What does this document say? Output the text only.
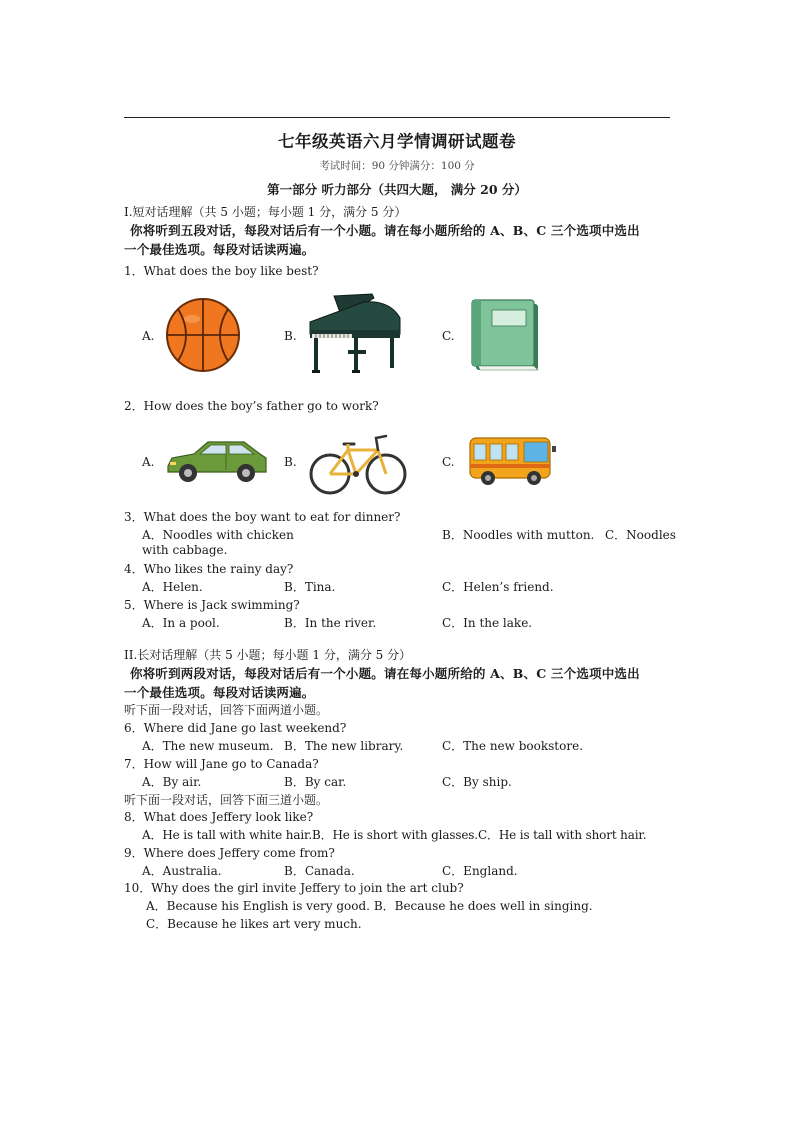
七年级英语六月学情调研试题卷
考试时间：90 分钟满分：100 分
第一部分 听力部分（共四大题， 满分 20 分）
I.短对话理解（共 5 小题；每小题 1 分，满分 5 分）
你将听到五段对话，每段对话后有一个小题。请在每小题所给的 A、B、C 三个选项中选出
一个最佳选项。每段对话读两遍。
1．What does the boy like best?
A.	B.	C.
2．How does the boy’s father go to work?
A.	B.	C.
3．What does the boy want to eat for dinner?
A．Noodles with chicken	B．Noodles with mutton. C．Noodles
with cabbage.
4．Who likes the rainy day?
A．Helen.	B．Tina.	C．Helen’s friend.
5．Where is Jack swimming?
A．In a pool.	B．In the river.	C．In the lake.
II.长对话理解（共 5 小题；每小题 1 分，满分 5 分）
你将听到两段对话，每段对话后有一个小题。请在每小题所给的 A、B、C 三个选项中选出
一个最佳选项。每段对话读两遍。
听下面一段对话，回答下面两道小题。
6．Where did Jane go last weekend?
A．The new museum. B．The new library.	C．The new bookstore.
7．How will Jane go to Canada?
A．By air.	B．By car.	C．By ship.
听下面一段对话，回答下面三道小题。
8．What does Jeffery look like?
A．He is tall with white hair.B．He is short with glasses.C．He is tall with short hair.
9．Where does Jeffery come from?
A．Australia.	B．Canada.	C．England.
10．Why does the girl invite Jeffery to join the art club?
A．Because his English is very good. B．Because he does well in singing.
C．Because he likes art very much.
